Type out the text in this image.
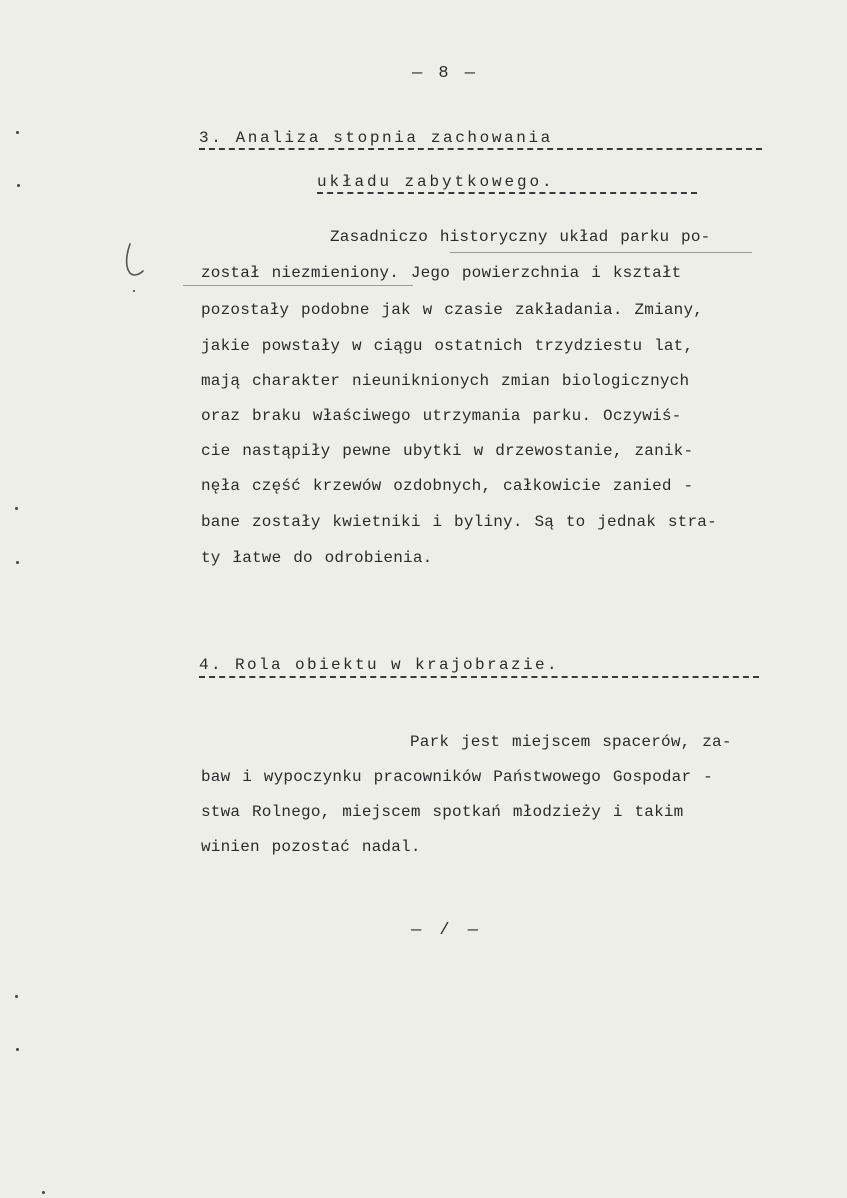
— 8 —
3. Analiza stopnia zachowania
układu zabytkowego.
Zasadniczo historyczny układ parku po-
został niezmieniony. Jego powierzchnia i kształt
pozostały podobne jak w czasie zakładania. Zmiany,
jakie powstały w ciągu ostatnich trzydziestu lat,
mają charakter nieuniknionych zmian biologicznych
oraz braku właściwego utrzymania parku. Oczywiś-
cie nastąpiły pewne ubytki w drzewostanie, zanik-
nęła część krzewów ozdobnych, całkowicie zanied -
bane zostały kwietniki i byliny. Są to jednak stra-
ty łatwe do odrobienia.
4. Rola obiektu w krajobrazie.
Park jest miejscem spacerów, za-
baw i wypoczynku pracowników Państwowego Gospodar -
stwa Rolnego, miejscem spotkań młodzieży i takim
winien pozostać nadal.
— / —
